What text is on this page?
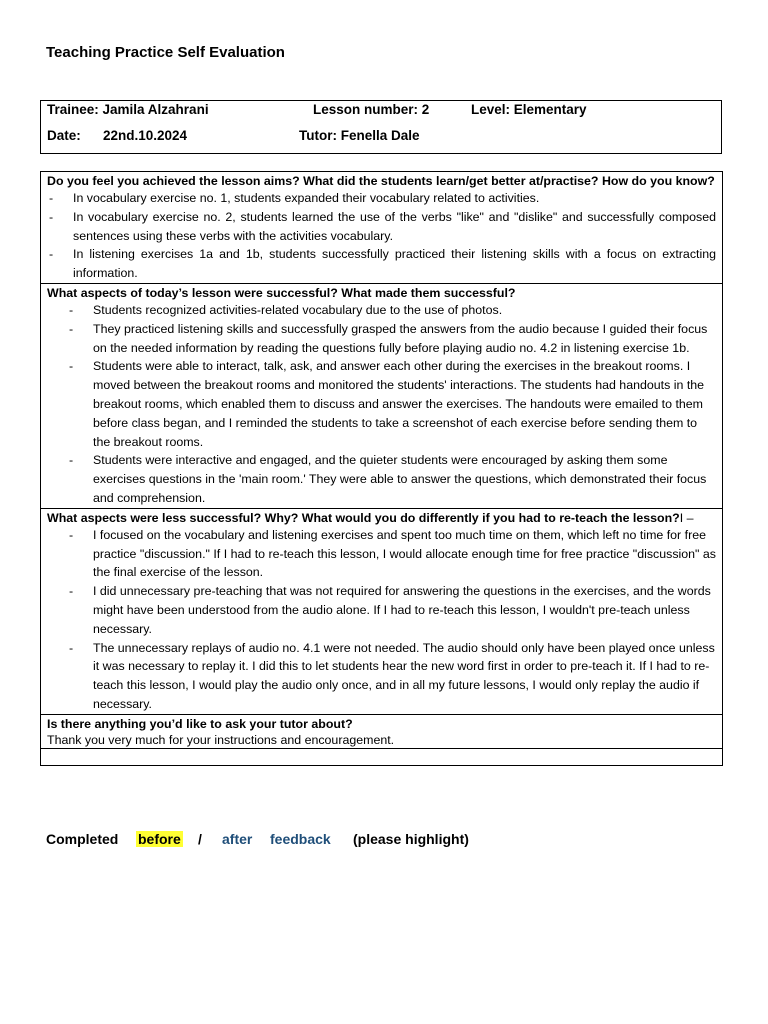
Teaching Practice Self Evaluation
Trainee: Jamila Alzahrani	Lesson number: 2	Level: Elementary
Date: 22nd.10.2024	Tutor: Fenella Dale
Do you feel you achieved the lesson aims? What did the students learn/get better at/practise? How do you know?
- In vocabulary exercise no. 1, students expanded their vocabulary related to activities.
- In vocabulary exercise no. 2, students learned the use of the verbs "like" and "dislike" and successfully composed sentences using these verbs with the activities vocabulary.
- In listening exercises 1a and 1b, students successfully practiced their listening skills with a focus on extracting information.

What aspects of today’s lesson were successful? What made them successful?
- Students recognized activities-related vocabulary due to the use of photos.
- They practiced listening skills and successfully grasped the answers from the audio because I guided their focus on the needed information by reading the questions fully before playing audio no. 4.2 in listening exercise 1b.
- Students were able to interact, talk, ask, and answer each other during the exercises in the breakout rooms. I moved between the breakout rooms and monitored the students' interactions. The students had handouts in the breakout rooms, which enabled them to discuss and answer the exercises. The handouts were emailed to them before class began, and I reminded the students to take a screenshot of each exercise before sending them to the breakout rooms.
- Students were interactive and engaged, and the quieter students were encouraged by asking them some exercises questions in the 'main room.' They were able to answer the questions, which demonstrated their focus and comprehension.

What aspects were less successful? Why? What would you do differently if you had to re-teach the lesson?I –
- I focused on the vocabulary and listening exercises and spent too much time on them, which left no time for free practice "discussion." If I had to re-teach this lesson, I would allocate enough time for free practice "discussion" as the final exercise of the lesson.
- I did unnecessary pre-teaching that was not required for answering the questions in the exercises, and the words might have been understood from the audio alone. If I had to re-teach this lesson, I wouldn't pre-teach unless necessary.
- The unnecessary replays of audio no. 4.1 were not needed. The audio should only have been played once unless it was necessary to replay it. I did this to let students hear the new word first in order to pre-teach it. If I had to re-teach this lesson, I would play the audio only once, and in all my future lessons, I would only replay the audio if necessary.

Is there anything you’d like to ask your tutor about?
Thank you very much for your instructions and encouragement.

Completed before / after feedback (please highlight)
